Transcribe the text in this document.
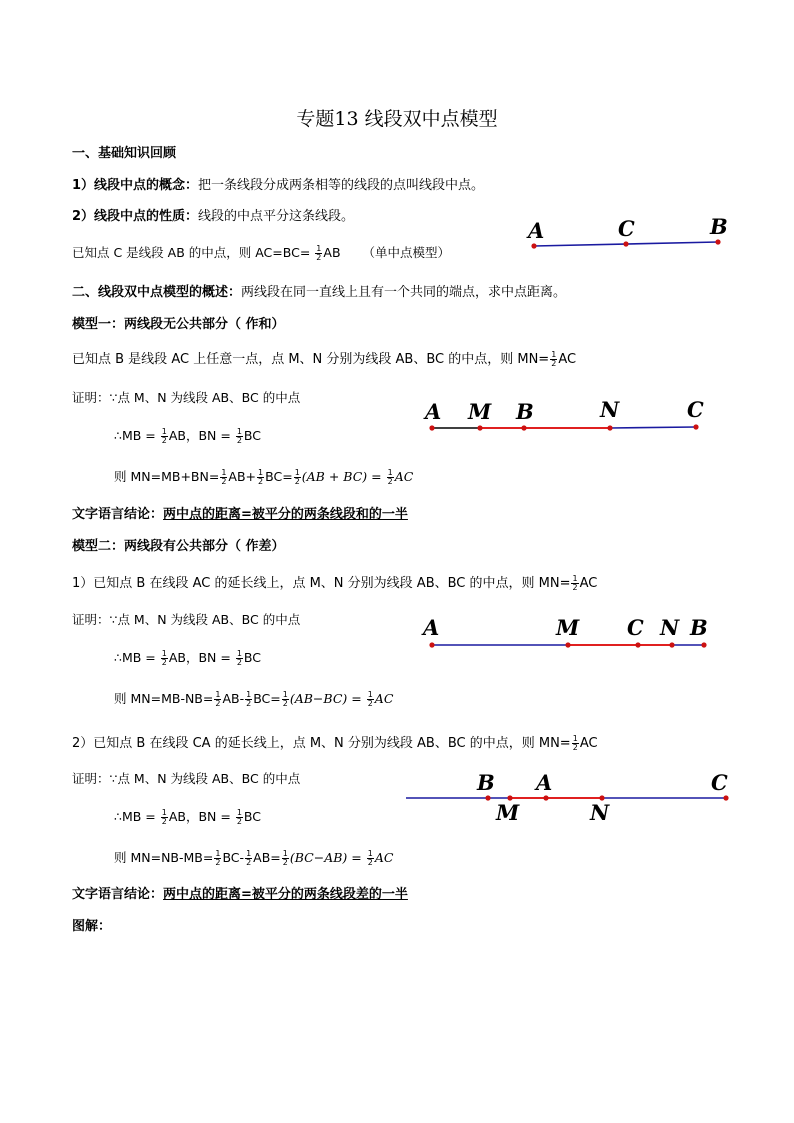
专题13 线段双中点模型
一、基础知识回顾
1）线段中点的概念：把一条线段分成两条相等的线段的点叫线段中点。
2）线段中点的性质：线段的中点平分这条线段。
已知点 C 是线段 AB 的中点，则 $AC=BC= \frac{1}{2}$ AB （单中点模型）
A	C	B
二、线段双中点模型的概述：两线段在同一直线上且有一个共同的端点，求中点距离。
模型一：两线段无公共部分（ 作和）
已知点 B 是线段 AC 上任意一点，点 M、N 分别为线段 AB、BC 的中点，则 $MN= \frac{1}{2}$ AC
证明：∵点 M、N 为线段 AB、BC 的中点
∴MB = $\frac{1}{2}$ AB，BN = $\frac{1}{2}$ BC
则 $MN=MB+BN= \frac{1}{2} AB+ \frac{1}{2} BC= \frac{1}{2} (AB + BC) = \frac{1}{2}$ AC
A M B	N	C
文字语言结论：两中点的距离=被平分的两条线段和的一半
模型二：两线段有公共部分（ 作差）
1）已知点 B 在线段 AC 的延长线上，点 M、N 分别为线段 AB、BC 的中点，则 $MN= \frac{1}{2}$ AC
证明：∵点 M、N 为线段 AB、BC 的中点
∴MB = $\frac{1}{2}$ AB，BN = $\frac{1}{2}$ BC
则 $MN=MB-NB= \frac{1}{2} AB- \frac{1}{2} BC= \frac{1}{2} (AB-BC) = \frac{1}{2}$ AC
A	M C N B
2）已知点 B 在线段 CA 的延长线上，点 M、N 分别为线段 AB、BC 的中点，则 $MN= \frac{1}{2}$ AC
证明：∵点 M、N 为线段 AB、BC 的中点
∴MB = $\frac{1}{2}$ AB，BN = $\frac{1}{2}$ BC
则 $MN=NB-MB= \frac{1}{2} BC- \frac{1}{2} AB= \frac{1}{2} (BC-AB) = \frac{1}{2}$ AC
B A	C
M	N
文字语言结论：两中点的距离=被平分的两条线段差的一半
图解：
